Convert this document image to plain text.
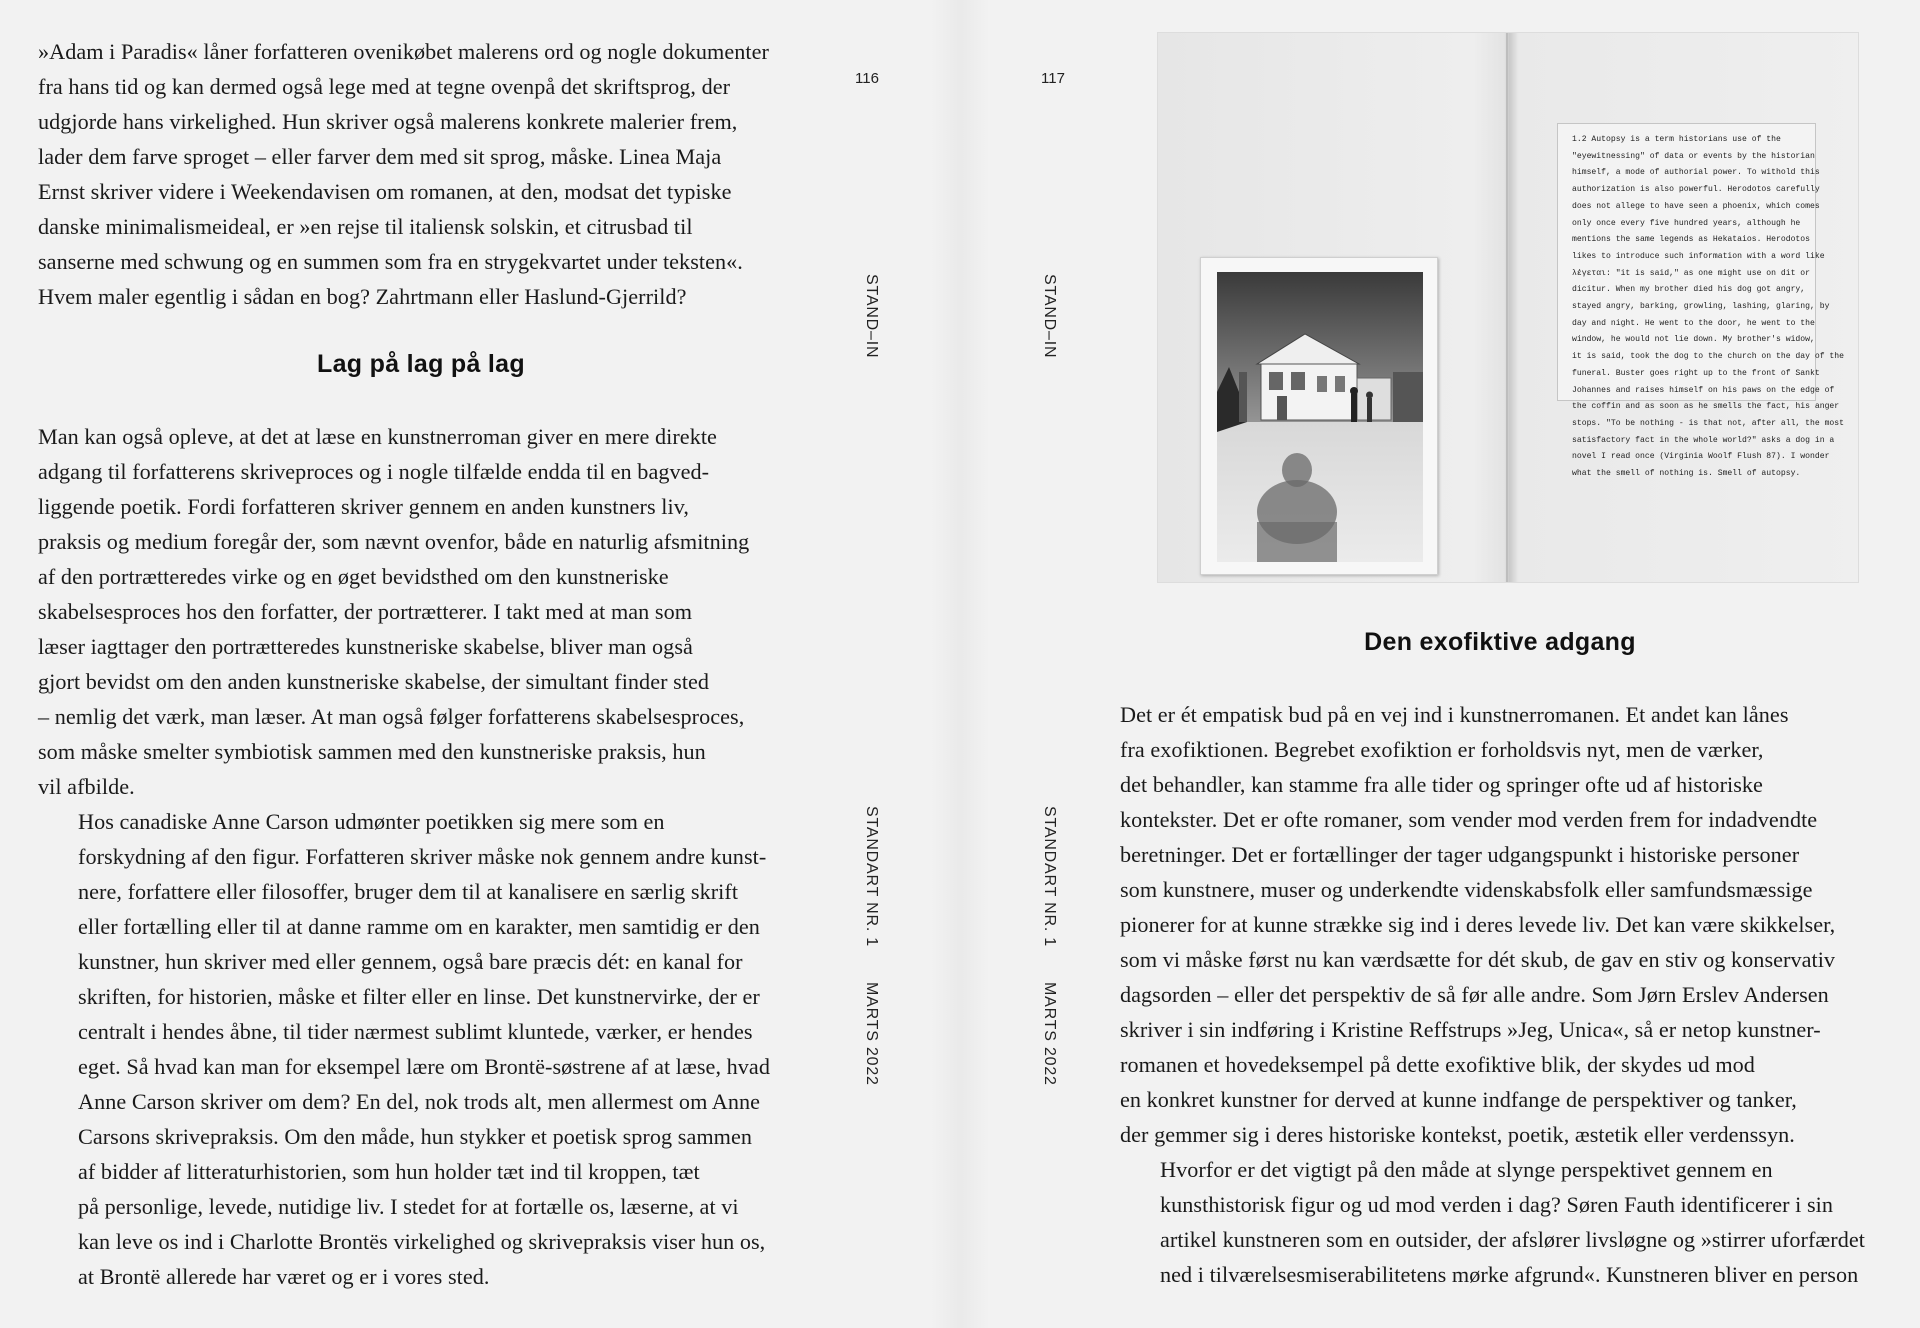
»Adam i Paradis« låner forfatteren ovenikøbet malerens ord og nogle dokumenter
fra hans tid og kan dermed også lege med at tegne ovenpå det skriftsprog, der
udgjorde hans virkelighed. Hun skriver også malerens konkrete malerier frem,
lader dem farve sproget – eller farver dem med sit sprog, måske. Linea Maja
Ernst skriver videre i Weekendavisen om romanen, at den, modsat det typiske
danske minimalismeideal, er »en rejse til italiensk solskin, et citrusbad til
sanserne med schwung og en summen som fra en strygekvartet under teksten«.
Hvem maler egentlig i sådan en bog? Zahrtmann eller Haslund-Gjerrild?

Lag på lag på lag

Man kan også opleve, at det at læse en kunstnerroman giver en mere direkte
adgang til forfatterens skriveproces og i nogle tilfælde endda til en bagved-
liggende poetik. Fordi forfatteren skriver gennem en anden kunstners liv,
praksis og medium foregår der, som nævnt ovenfor, både en naturlig afsmitning
af den portrætteredes virke og en øget bevidsthed om den kunstneriske
skabelsesproces hos den forfatter, der portrætterer. I takt med at man som
læser iagttager den portrætteredes kunstneriske skabelse, bliver man også
gjort bevidst om den anden kunstneriske skabelse, der simultant finder sted
– nemlig det værk, man læser. At man også følger forfatterens skabelsesproces,
som måske smelter symbiotisk sammen med den kunstneriske praksis, hun
vil afbilde.

Hos canadiske Anne Carson udmønter poetikken sig mere som en
forskydning af den figur. Forfatteren skriver måske nok gennem andre kunst-
nere, forfattere eller filosoffer, bruger dem til at kanalisere en særlig skrift
eller fortælling eller til at danne ramme om en karakter, men samtidig er den
kunstner, hun skriver med eller gennem, også bare præcis dét: en kanal for
skriften, for historien, måske et filter eller en linse. Det kunstnervirke, der er
centralt i hendes åbne, til tider nærmest sublimt kluntede, værker, er hendes
eget. Så hvad kan man for eksempel lære om Brontë-søstrene af at læse, hvad
Anne Carson skriver om dem? En del, nok trods alt, men allermest om Anne
Carsons skrivepraksis. Om den måde, hun stykker et poetisk sprog sammen
af bidder af litteraturhistorien, som hun holder tæt ind til kroppen, tæt
på personlige, levede, nutidige liv. I stedet for at fortælle os, læserne, at vi
kan leve os ind i Charlotte Brontës virkelighed og skrivepraksis viser hun os,
at Brontë allerede har været og er i vores sted.

116	117
STAND–IN	STAND–IN
STANDART NR. 1	STANDART NR. 1
MARTS 2022	MARTS 2022
1.2 Autopsy is a term historians use of the
"eyewitnessing" of data or events by the historian
himself, a mode of authorial power. To withold this
authorization is also powerful. Herodotos carefully
does not allege to have seen a phoenix, which comes
only once every five hundred years, although he
mentions the same legends as Hekataios. Herodotos
likes to introduce such information with a word like
λέγεται: "it is said," as one might use on dit or
dicitur. When my brother died his dog got angry,
stayed angry, barking, growling, lashing, glaring, by
day and night. He went to the door, he went to the
window, he would not lie down. My brother's widow,
it is said, took the dog to the church on the day of the
funeral. Buster goes right up to the front of Sankt
Johannes and raises himself on his paws on the edge of
the coffin and as soon as he smells the fact, his anger
stops. "To be nothing - is that not, after all, the most
satisfactory fact in the whole world?" asks a dog in a
novel I read once (Virginia Woolf Flush 87). I wonder
what the smell of nothing is. Smell of autopsy.
Den exofiktive adgang

Det er ét empatisk bud på en vej ind i kunstnerromanen. Et andet kan lånes
fra exofiktionen. Begrebet exofiktion er forholdsvis nyt, men de værker,
det behandler, kan stamme fra alle tider og springer ofte ud af historiske
kontekster. Det er ofte romaner, som vender mod verden frem for indadvendte
beretninger. Det er fortællinger der tager udgangspunkt i historiske personer
som kunstnere, muser og underkendte videnskabsfolk eller samfundsmæssige
pionerer for at kunne strække sig ind i deres levede liv. Det kan være skikkelser,
som vi måske først nu kan værdsætte for dét skub, de gav en stiv og konservativ
dagsorden – eller det perspektiv de så før alle andre. Som Jørn Erslev Andersen
skriver i sin indføring i Kristine Reffstrups »Jeg, Unica«, så er netop kunstner-
romanen et hovedeksempel på dette exofiktive blik, der skydes ud mod
en konkret kunstner for derved at kunne indfange de perspektiver og tanker,
der gemmer sig i deres historiske kontekst, poetik, æstetik eller verdenssyn.

Hvorfor er det vigtigt på den måde at slynge perspektivet gennem en
kunsthistorisk figur og ud mod verden i dag? Søren Fauth identificerer i sin
artikel kunstneren som en outsider, der afslører livsløgne og »stirrer uforfærdet
ned i tilværelsesmiserabilitetens mørke afgrund«. Kunstneren bliver en person
